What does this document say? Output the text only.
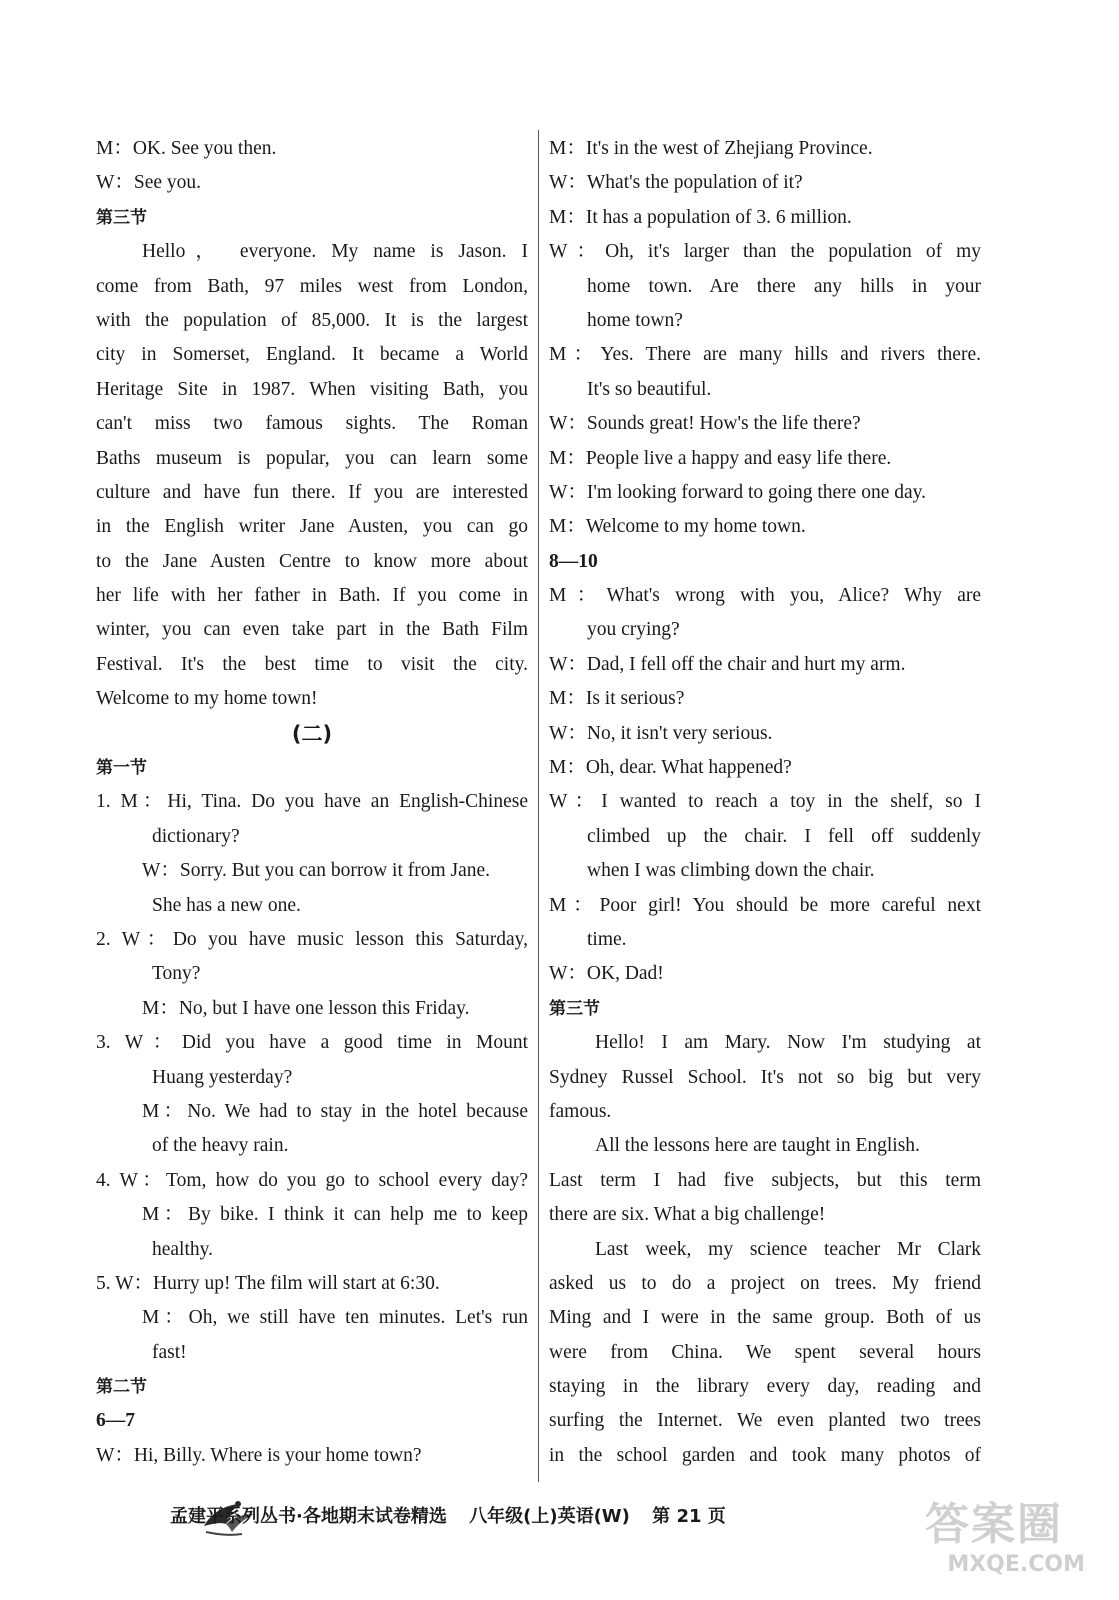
M：OK. See you then.
W：See you.
第三节
Hello， everyone. My name is Jason. I
come from Bath, 97 miles west from London,
with the population of 85,000. It is the largest
city in Somerset, England. It became a World
Heritage Site in 1987. When visiting Bath, you
can't miss two famous sights. The Roman
Baths museum is popular, you can learn some
culture and have fun there. If you are interested
in the English writer Jane Austen, you can go
to the Jane Austen Centre to know more about
her life with her father in Bath. If you come in
winter, you can even take part in the Bath Film
Festival. It's the best time to visit the city.
Welcome to my home town!
(二)
第一节
1. M：Hi, Tina. Do you have an English-Chinese
dictionary?
W：Sorry. But you can borrow it from Jane.
She has a new one.
2. W：Do you have music lesson this Saturday,
Tony?
M：No, but I have one lesson this Friday.
3. W：Did you have a good time in Mount
Huang yesterday?
M：No. We had to stay in the hotel because
of the heavy rain.
4. W：Tom, how do you go to school every day?
M：By bike. I think it can help me to keep
healthy.
5. W：Hurry up! The film will start at 6:30.
M：Oh, we still have ten minutes. Let's run
fast!
第二节
6—7
W：Hi, Billy. Where is your home town?
M：It's in the west of Zhejiang Province.
W：What's the population of it?
M：It has a population of 3. 6 million.
W：Oh, it's larger than the population of my
home town. Are there any hills in your
home town?
M：Yes. There are many hills and rivers there.
It's so beautiful.
W：Sounds great! How's the life there?
M：People live a happy and easy life there.
W：I'm looking forward to going there one day.
M：Welcome to my home town.
8—10
M：What's wrong with you, Alice? Why are
you crying?
W：Dad, I fell off the chair and hurt my arm.
M：Is it serious?
W：No, it isn't very serious.
M：Oh, dear. What happened?
W：I wanted to reach a toy in the shelf, so I
climbed up the chair. I fell off suddenly
when I was climbing down the chair.
M：Poor girl! You should be more careful next
time.
W：OK, Dad!
第三节
Hello! I am Mary. Now I'm studying at
Sydney Russel School. It's not so big but very
famous.
All the lessons here are taught in English.
Last term I had five subjects, but this term
there are six. What a big challenge!
Last week, my science teacher Mr Clark
asked us to do a project on trees. My friend
Ming and I were in the same group. Both of us
were from China. We spent several hours
staying in the library every day, reading and
surfing the Internet. We even planted two trees
in the school garden and took many photos of
孟建平系列丛书·各地期末试卷精选 八年级(上)英语(W) 第 21 页	答案圈
MXQE.COM
